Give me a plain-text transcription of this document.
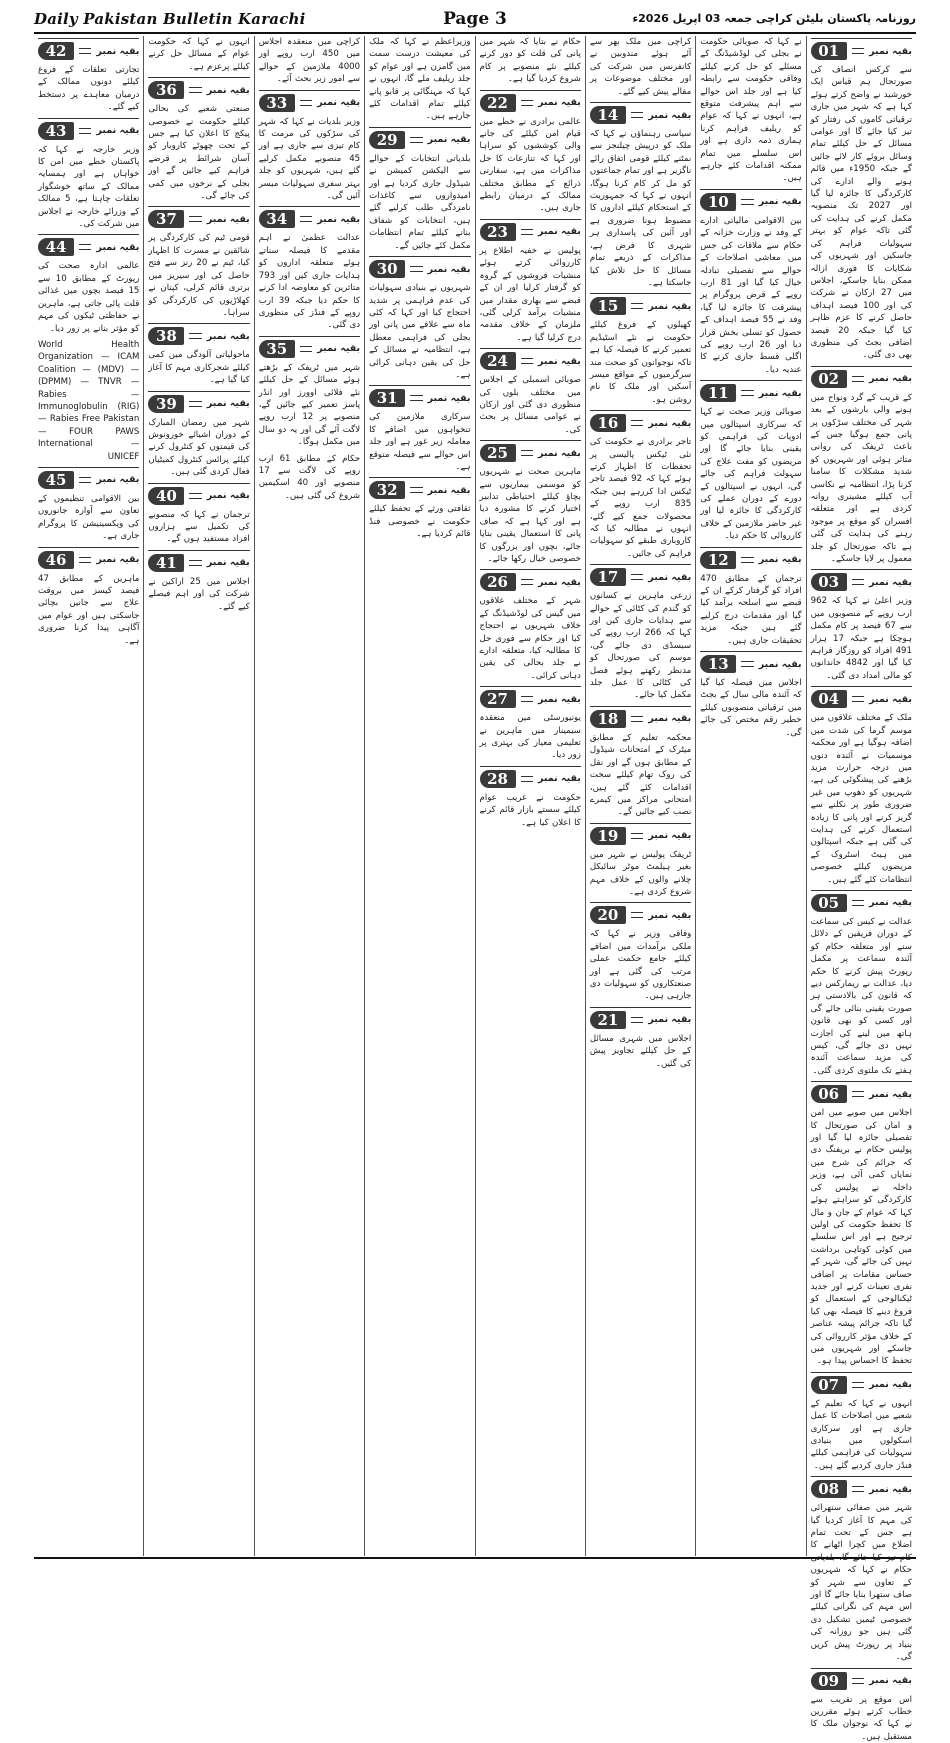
Daily Pakistan Bulletin Karachi	Page 3	روزنامہ پاکستان بلیٹن کراچی جمعہ 03 اپریل 2026ء
01	بقیہ نمبر

سے کرکس انصاف کی صورتحال ہم قیاس ایک خورشید نے واضح کرتے ہوئے کہا ہے کہ شہر میں جاری ترقیاتی کاموں کی رفتار کو تیز کیا جائے گا اور عوامی مسائل کے حل کیلئے تمام وسائل بروئے کار لائے جائیں گے جبکہ 1950ء میں قائم ہونے والے ادارے کی کارکردگی کا جائزہ لیا گیا اور 2027 تک منصوبہ مکمل کرنے کی ہدایت کی گئی تاکہ عوام کو بہتر سہولیات فراہم کی جاسکیں اور شہریوں کی شکایات کا فوری ازالہ ممکن بنایا جاسکے، اجلاس میں 27 ارکان نے شرکت کی اور 100 فیصد اہداف حاصل کرنے کا عزم ظاہر کیا گیا جبکہ 20 فیصد اضافی بجٹ کی منظوری بھی دی گئی۔

02	بقیہ نمبر

کے قریب کے گرد ونواح میں ہونے والی بارشوں کے بعد شہر کی مختلف سڑکوں پر پانی جمع ہوگیا جس کے باعث ٹریفک کی روانی متاثر ہوئی اور شہریوں کو شدید مشکلات کا سامنا کرنا پڑا، انتظامیہ نے نکاسی آب کیلئے مشینری روانہ کردی ہے اور متعلقہ افسران کو موقع پر موجود رہنے کی ہدایت کی گئی ہے تاکہ صورتحال کو جلد معمول پر لایا جاسکے۔

03	بقیہ نمبر

وزیر اعلیٰ نے کہا کہ 962 ارب روپے کے منصوبوں میں سے 67 فیصد پر کام مکمل ہوچکا ہے جبکہ 17 ہزار 491 افراد کو روزگار فراہم کیا گیا اور 4842 خاندانوں کو مالی امداد دی گئی۔

04	بقیہ نمبر

ملک کے مختلف علاقوں میں موسم گرما کی شدت میں اضافہ ہوگیا ہے اور محکمہ موسمیات نے آئندہ دنوں میں درجہ حرارت مزید بڑھنے کی پیشگوئی کی ہے، شہریوں کو دھوپ میں غیر ضروری طور پر نکلنے سے گریز کرنے اور پانی کا زیادہ استعمال کرنے کی ہدایت کی گئی ہے جبکہ اسپتالوں میں ہیٹ اسٹروک کے مریضوں کیلئے خصوصی انتظامات کئے گئے ہیں۔

05	بقیہ نمبر

عدالت نے کیس کی سماعت کے دوران فریقین کے دلائل سنے اور متعلقہ حکام کو آئندہ سماعت پر مکمل رپورٹ پیش کرنے کا حکم دیا، عدالت نے ریمارکس دیے کہ قانون کی بالادستی ہر صورت یقینی بنائی جائے گی اور کسی کو بھی قانون ہاتھ میں لینے کی اجازت نہیں دی جائے گی، کیس کی مزید سماعت آئندہ ہفتے تک ملتوی کردی گئی۔

06	بقیہ نمبر

اجلاس میں صوبے میں امن و امان کی صورتحال کا تفصیلی جائزہ لیا گیا اور پولیس حکام نے بریفنگ دی کہ جرائم کی شرح میں نمایاں کمی آئی ہے، وزیر داخلہ نے پولیس کی کارکردگی کو سراہتے ہوئے کہا کہ عوام کے جان و مال کا تحفظ حکومت کی اولین ترجیح ہے اور اس سلسلے میں کوئی کوتاہی برداشت نہیں کی جائے گی، شہر کے حساس مقامات پر اضافی نفری تعینات کرنے اور جدید ٹیکنالوجی کے استعمال کو فروغ دینے کا فیصلہ بھی کیا گیا تاکہ جرائم پیشہ عناصر کے خلاف مؤثر کارروائی کی جاسکے اور شہریوں میں تحفظ کا احساس پیدا ہو۔

07	بقیہ نمبر

انہوں نے کہا کہ تعلیم کے شعبے میں اصلاحات کا عمل جاری ہے اور سرکاری اسکولوں میں بنیادی سہولیات کی فراہمی کیلئے فنڈز جاری کردیے گئے ہیں۔

08	بقیہ نمبر

شہر میں صفائی ستھرائی کی مہم کا آغاز کردیا گیا ہے جس کے تحت تمام اضلاع میں کچرا اٹھانے کا کام تیز کیا جائے گا، بلدیاتی حکام نے کہا کہ شہریوں کے تعاون سے شہر کو صاف ستھرا بنایا جائے گا اور اس مہم کی نگرانی کیلئے خصوصی ٹیمیں تشکیل دی گئی ہیں جو روزانہ کی بنیاد پر رپورٹ پیش کریں گی۔

09	بقیہ نمبر

اس موقع پر تقریب سے خطاب کرتے ہوئے مقررین نے کہا کہ نوجوان ملک کا مستقبل ہیں۔

نے کہا کہ صوبائی حکومت نے بجلی کی لوڈشیڈنگ کے مسئلے کو حل کرنے کیلئے وفاقی حکومت سے رابطہ کیا ہے اور جلد اس حوالے سے اہم پیشرفت متوقع ہے، انہوں نے کہا کہ عوام کو ریلیف فراہم کرنا ہماری ذمہ داری ہے اور اس سلسلے میں تمام ممکنہ اقدامات کئے جارہے ہیں۔

10	بقیہ نمبر

بین الاقوامی مالیاتی ادارے کے وفد نے وزارت خزانہ کے حکام سے ملاقات کی جس میں معاشی اصلاحات کے حوالے سے تفصیلی تبادلہ خیال کیا گیا اور 81 ارب روپے کے قرض پروگرام پر پیشرفت کا جائزہ لیا گیا، وفد نے 55 فیصد اہداف کے حصول کو تسلی بخش قرار دیا اور 26 ارب روپے کی اگلی قسط جاری کرنے کا عندیہ دیا۔

11	بقیہ نمبر

صوبائی وزیر صحت نے کہا کہ سرکاری اسپتالوں میں ادویات کی فراہمی کو یقینی بنایا جائے گا اور مریضوں کو مفت علاج کی سہولت فراہم کی جائے گی، انہوں نے اسپتالوں کے دورے کے دوران عملے کی کارکردگی کا جائزہ لیا اور غیر حاضر ملازمین کے خلاف کارروائی کا حکم دیا۔

12	بقیہ نمبر

ترجمان کے مطابق 470 افراد کو گرفتار کرکے ان کے قبضے سے اسلحہ برآمد کیا گیا اور مقدمات درج کرلیے گئے ہیں جبکہ مزید تحقیقات جاری ہیں۔

13	بقیہ نمبر

اجلاس میں فیصلہ کیا گیا کہ آئندہ مالی سال کے بجٹ میں ترقیاتی منصوبوں کیلئے خطیر رقم مختص کی جائے گی۔

کراچی میں ملک بھر سے آئے ہوئے مندوبین نے کانفرنس میں شرکت کی اور مختلف موضوعات پر مقالے پیش کیے گئے۔

14	بقیہ نمبر

سیاسی رہنماؤں نے کہا کہ ملک کو درپیش چیلنجز سے نمٹنے کیلئے قومی اتفاق رائے ناگزیر ہے اور تمام جماعتوں کو مل کر کام کرنا ہوگا، انہوں نے کہا کہ جمہوریت کے استحکام کیلئے اداروں کا مضبوط ہونا ضروری ہے اور آئین کی پاسداری ہر شہری کا فرض ہے، مذاکرات کے ذریعے تمام مسائل کا حل تلاش کیا جاسکتا ہے۔

15	بقیہ نمبر

کھیلوں کے فروغ کیلئے حکومت نے نئے اسٹیڈیم تعمیر کرنے کا فیصلہ کیا ہے تاکہ نوجوانوں کو صحت مند سرگرمیوں کے مواقع میسر آسکیں اور ملک کا نام روشن ہو۔

16	بقیہ نمبر

تاجر برادری نے حکومت کی نئی ٹیکس پالیسی پر تحفظات کا اظہار کرتے ہوئے کہا کہ 92 فیصد تاجر ٹیکس ادا کررہے ہیں جبکہ 835 ارب روپے کے محصولات جمع کیے گئے، انہوں نے مطالبہ کیا کہ کاروباری طبقے کو سہولیات فراہم کی جائیں۔

17	بقیہ نمبر

زرعی ماہرین نے کسانوں کو گندم کی کٹائی کے حوالے سے ہدایات جاری کیں اور کہا کہ 266 ارب روپے کی سبسڈی دی جائے گی، موسم کی صورتحال کو مدنظر رکھتے ہوئے فصل کی کٹائی کا عمل جلد مکمل کیا جائے۔

18	بقیہ نمبر

محکمہ تعلیم کے مطابق میٹرک کے امتحانات شیڈول کے مطابق ہوں گے اور نقل کی روک تھام کیلئے سخت اقدامات کئے گئے ہیں، امتحانی مراکز میں کیمرے نصب کیے جائیں گے۔

19	بقیہ نمبر

ٹریفک پولیس نے شہر میں بغیر ہیلمٹ موٹر سائیکل چلانے والوں کے خلاف مہم شروع کردی ہے۔

20	بقیہ نمبر

وفاقی وزیر نے کہا کہ ملکی برآمدات میں اضافے کیلئے جامع حکمت عملی مرتب کی گئی ہے اور صنعتکاروں کو سہولیات دی جارہی ہیں۔

21	بقیہ نمبر

اجلاس میں شہری مسائل کے حل کیلئے تجاویز پیش کی گئیں۔

حکام نے بتایا کہ شہر میں پانی کی قلت کو دور کرنے کیلئے نئے منصوبے پر کام شروع کردیا گیا ہے۔

22	بقیہ نمبر

عالمی برادری نے خطے میں قیام امن کیلئے کی جانے والی کوششوں کو سراہا اور کہا کہ تنازعات کا حل مذاکرات میں ہے، سفارتی ذرائع کے مطابق مختلف ممالک کے درمیان رابطے جاری ہیں۔

23	بقیہ نمبر

پولیس نے خفیہ اطلاع پر کارروائی کرتے ہوئے منشیات فروشوں کے گروہ کو گرفتار کرلیا اور ان کے قبضے سے بھاری مقدار میں منشیات برآمد کرلی گئی، ملزمان کے خلاف مقدمہ درج کرلیا گیا ہے۔

24	بقیہ نمبر

صوبائی اسمبلی کے اجلاس میں مختلف بلوں کی منظوری دی گئی اور ارکان نے عوامی مسائل پر بحث کی۔

25	بقیہ نمبر

ماہرین صحت نے شہریوں کو موسمی بیماریوں سے بچاؤ کیلئے احتیاطی تدابیر اختیار کرنے کا مشورہ دیا ہے اور کہا ہے کہ صاف پانی کا استعمال یقینی بنایا جائے، بچوں اور بزرگوں کا خصوصی خیال رکھا جائے۔

26	بقیہ نمبر

شہر کے مختلف علاقوں میں گیس کی لوڈشیڈنگ کے خلاف شہریوں نے احتجاج کیا اور حکام سے فوری حل کا مطالبہ کیا، متعلقہ ادارے نے جلد بحالی کی یقین دہانی کرائی۔

27	بقیہ نمبر

یونیورسٹی میں منعقدہ سیمینار میں ماہرین نے تعلیمی معیار کی بہتری پر زور دیا۔

28	بقیہ نمبر

حکومت نے غریب عوام کیلئے سستے بازار قائم کرنے کا اعلان کیا ہے۔

وزیراعظم نے کہا کہ ملک کی معیشت درست سمت میں گامزن ہے اور عوام کو جلد ریلیف ملے گا، انہوں نے کہا کہ مہنگائی پر قابو پانے کیلئے تمام اقدامات کئے جارہے ہیں۔

29	بقیہ نمبر

بلدیاتی انتخابات کے حوالے سے الیکشن کمیشن نے شیڈول جاری کردیا ہے اور امیدواروں سے کاغذات نامزدگی طلب کرلیے گئے ہیں، انتخابات کو شفاف بنانے کیلئے تمام انتظامات مکمل کئے جائیں گے۔

30	بقیہ نمبر

شہریوں نے بنیادی سہولیات کی عدم فراہمی پر شدید احتجاج کیا اور کہا کہ کئی ماہ سے علاقے میں پانی اور بجلی کی فراہمی معطل ہے، انتظامیہ نے مسائل کے حل کی یقین دہانی کرائی ہے۔

31	بقیہ نمبر

سرکاری ملازمین کی تنخواہوں میں اضافے کا معاملہ زیر غور ہے اور جلد اس حوالے سے فیصلہ متوقع ہے۔

32	بقیہ نمبر

ثقافتی ورثے کے تحفظ کیلئے حکومت نے خصوصی فنڈ قائم کردیا ہے۔

کراچی میں منعقدہ اجلاس میں 450 ارب روپے اور 4000 ملازمین کے حوالے سے امور زیر بحث آئے۔

33	بقیہ نمبر

وزیر بلدیات نے کہا کہ شہر کی سڑکوں کی مرمت کا کام تیزی سے جاری ہے اور 45 منصوبے مکمل کرلیے گئے ہیں، شہریوں کو جلد بہتر سفری سہولیات میسر آئیں گی۔

34	بقیہ نمبر

عدالت عظمیٰ نے اہم مقدمے کا فیصلہ سناتے ہوئے متعلقہ اداروں کو ہدایات جاری کیں اور 793 متاثرین کو معاوضہ ادا کرنے کا حکم دیا جبکہ 39 ارب روپے کے فنڈز کی منظوری دی گئی۔

35	بقیہ نمبر

شہر میں ٹریفک کے بڑھتے ہوئے مسائل کے حل کیلئے نئے فلائی اوورز اور انڈر پاسز تعمیر کیے جائیں گے، منصوبے پر 12 ارب روپے لاگت آئے گی اور یہ دو سال میں مکمل ہوگا۔

حکام کے مطابق 61 ارب روپے کی لاگت سے 17 منصوبے اور 40 اسکیمیں شروع کی گئی ہیں۔

انہوں نے کہا کہ حکومت عوام کے مسائل حل کرنے کیلئے پرعزم ہے۔

36	بقیہ نمبر

صنعتی شعبے کی بحالی کیلئے حکومت نے خصوصی پیکج کا اعلان کیا ہے جس کے تحت چھوٹے کاروبار کو آسان شرائط پر قرضے فراہم کیے جائیں گے اور بجلی کے نرخوں میں کمی کی جائے گی۔

37	بقیہ نمبر

قومی ٹیم کی کارکردگی پر شائقین نے مسرت کا اظہار کیا، ٹیم نے 20 رنز سے فتح حاصل کی اور سیریز میں برتری قائم کرلی، کپتان نے کھلاڑیوں کی کارکردگی کو سراہا۔

38	بقیہ نمبر

ماحولیاتی آلودگی میں کمی کیلئے شجرکاری مہم کا آغاز کیا گیا ہے۔

39	بقیہ نمبر

شہر میں رمضان المبارک کے دوران اشیائے خورونوش کی قیمتوں کو کنٹرول کرنے کیلئے پرائس کنٹرول کمیٹیاں فعال کردی گئی ہیں۔

40	بقیہ نمبر

ترجمان نے کہا کہ منصوبے کی تکمیل سے ہزاروں افراد مستفید ہوں گے۔

41	بقیہ نمبر

اجلاس میں 25 اراکین نے شرکت کی اور اہم فیصلے کیے گئے۔

42	بقیہ نمبر

تجارتی تعلقات کے فروغ کیلئے دونوں ممالک کے درمیان معاہدے پر دستخط کیے گئے۔

43	بقیہ نمبر

وزیر خارجہ نے کہا کہ پاکستان خطے میں امن کا خواہاں ہے اور ہمسایہ ممالک کے ساتھ خوشگوار تعلقات چاہتا ہے، 5 ممالک کے وزرائے خارجہ نے اجلاس میں شرکت کی۔

44	بقیہ نمبر

عالمی ادارہ صحت کی رپورٹ کے مطابق 10 سے 15 فیصد بچوں میں غذائی قلت پائی جاتی ہے، ماہرین نے حفاظتی ٹیکوں کی مہم کو مؤثر بنانے پر زور دیا۔

World Health Organization — ICAM Coalition — (MDV) — (DPMM) — TNVR — Rabies — Immunoglobulin (RIG) — Rabies Free Pakistan — FOUR PAWS International — UNICEF

45	بقیہ نمبر

بین الاقوامی تنظیموں کے تعاون سے آوارہ جانوروں کی ویکسینیشن کا پروگرام جاری ہے۔

46	بقیہ نمبر

ماہرین کے مطابق 47 فیصد کیسز میں بروقت علاج سے جانیں بچائی جاسکتی ہیں اور عوام میں آگاہی پیدا کرنا ضروری ہے۔
